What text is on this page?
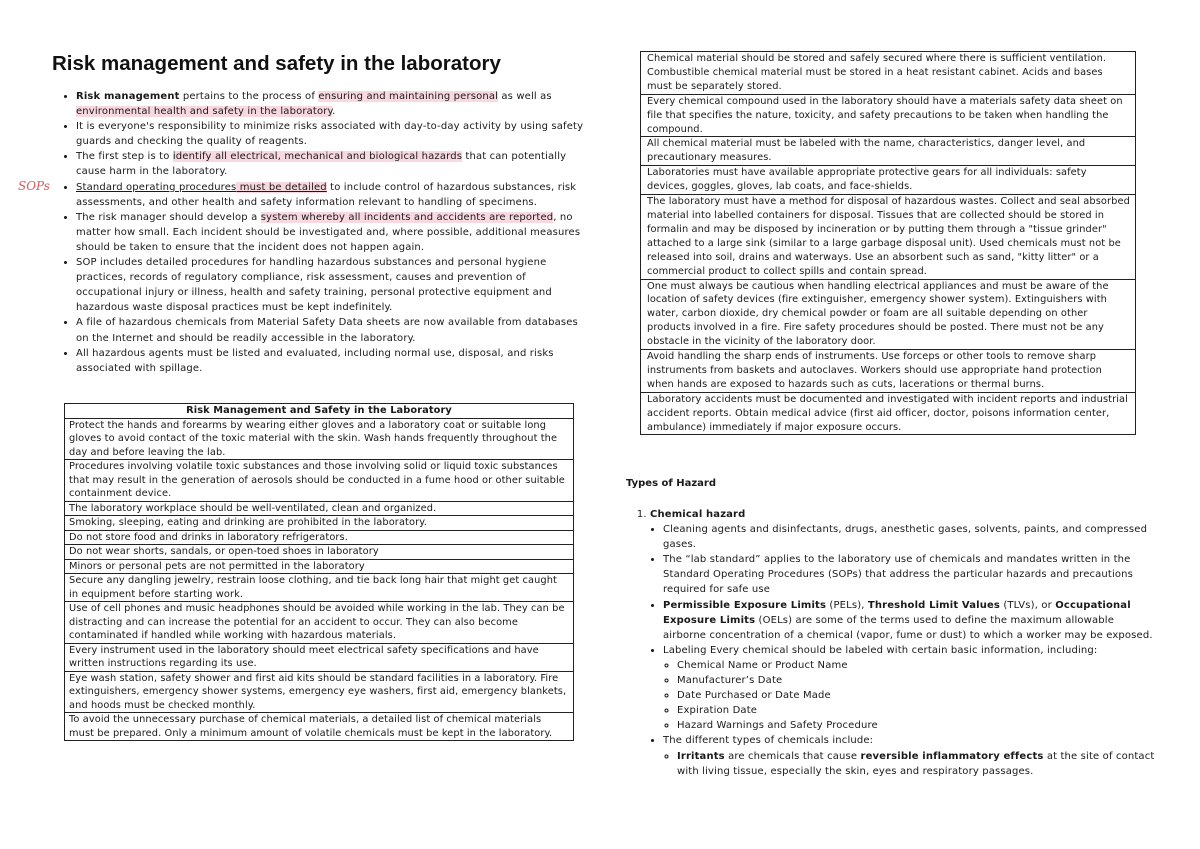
Risk management and safety in the laboratory
SOPs
• Risk management pertains to the process of ensuring and maintaining personal as well as environmental health and safety in the laboratory.
• It is everyone's responsibility to minimize risks associated with day-to-day activity by using safety guards and checking the quality of reagents.
• The first step is to identify all electrical, mechanical and biological hazards that can potentially cause harm in the laboratory.
• Standard operating procedures must be detailed to include control of hazardous substances, risk assessments, and other health and safety information relevant to handling of specimens.
• The risk manager should develop a system whereby all incidents and accidents are reported, no matter how small. Each incident should be investigated and, where possible, additional measures should be taken to ensure that the incident does not happen again.
• SOP includes detailed procedures for handling hazardous substances and personal hygiene practices, records of regulatory compliance, risk assessment, causes and prevention of occupational injury or illness, health and safety training, personal protective equipment and hazardous waste disposal practices must be kept indefinitely.
• A file of hazardous chemicals from Material Safety Data sheets are now available from databases on the Internet and should be readily accessible in the laboratory.
• All hazardous agents must be listed and evaluated, including normal use, disposal, and risks associated with spillage.
Risk Management and Safety in the Laboratory
Protect the hands and forearms by wearing either gloves and a laboratory coat or suitable long gloves to avoid contact of the toxic material with the skin. Wash hands frequently throughout the day and before leaving the lab.
Procedures involving volatile toxic substances and those involving solid or liquid toxic substances that may result in the generation of aerosols should be conducted in a fume hood or other suitable containment device.
The laboratory workplace should be well-ventilated, clean and organized.
Smoking, sleeping, eating and drinking are prohibited in the laboratory.
Do not store food and drinks in laboratory refrigerators.
Do not wear shorts, sandals, or open-toed shoes in laboratory
Minors or personal pets are not permitted in the laboratory
Secure any dangling jewelry, restrain loose clothing, and tie back long hair that might get caught in equipment before starting work.
Use of cell phones and music headphones should be avoided while working in the lab. They can be distracting and can increase the potential for an accident to occur. They can also become contaminated if handled while working with hazardous materials.
Every instrument used in the laboratory should meet electrical safety specifications and have written instructions regarding its use.
Eye wash station, safety shower and first aid kits should be standard facilities in a laboratory. Fire extinguishers, emergency shower systems, emergency eye washers, first aid, emergency blankets, and hoods must be checked monthly.
To avoid the unnecessary purchase of chemical materials, a detailed list of chemical materials must be prepared. Only a minimum amount of volatile chemicals must be kept in the laboratory.
Chemical material should be stored and safely secured where there is sufficient ventilation. Combustible chemical material must be stored in a heat resistant cabinet. Acids and bases must be separately stored.
Every chemical compound used in the laboratory should have a materials safety data sheet on file that specifies the nature, toxicity, and safety precautions to be taken when handling the compound.
All chemical material must be labeled with the name, characteristics, danger level, and precautionary measures.
Laboratories must have available appropriate protective gears for all individuals: safety devices, goggles, gloves, lab coats, and face-shields.
The laboratory must have a method for disposal of hazardous wastes. Collect and seal absorbed material into labelled containers for disposal. Tissues that are collected should be stored in formalin and may be disposed by incineration or by putting them through a "tissue grinder" attached to a large sink (similar to a large garbage disposal unit). Used chemicals must not be released into soil, drains and waterways. Use an absorbent such as sand, "kitty litter" or a commercial product to collect spills and contain spread.
One must always be cautious when handling electrical appliances and must be aware of the location of safety devices (fire extinguisher, emergency shower system). Extinguishers with water, carbon dioxide, dry chemical powder or foam are all suitable depending on other products involved in a fire. Fire safety procedures should be posted. There must not be any obstacle in the vicinity of the laboratory door.
Avoid handling the sharp ends of instruments. Use forceps or other tools to remove sharp instruments from baskets and autoclaves. Workers should use appropriate hand protection when hands are exposed to hazards such as cuts, lacerations or thermal burns.
Laboratory accidents must be documented and investigated with incident reports and industrial accident reports. Obtain medical advice (first aid officer, doctor, poisons information center, ambulance) immediately if major exposure occurs.

Types of Hazard

1. Chemical hazard
• Cleaning agents and disinfectants, drugs, anesthetic gases, solvents, paints, and compressed gases.
• The “lab standard” applies to the laboratory use of chemicals and mandates written in the Standard Operating Procedures (SOPs) that address the particular hazards and precautions required for safe use
• Permissible Exposure Limits (PELs), Threshold Limit Values (TLVs), or Occupational Exposure Limits (OELs) are some of the terms used to define the maximum allowable airborne concentration of a chemical (vapor, fume or dust) to which a worker may be exposed.
• Labeling Every chemical should be labeled with certain basic information, including:
◦ Chemical Name or Product Name
◦ Manufacturer’s Date
◦ Date Purchased or Date Made
◦ Expiration Date
◦ Hazard Warnings and Safety Procedure
• The different types of chemicals include:
◦ Irritants are chemicals that cause reversible inflammatory effects at the site of contact with living tissue, especially the skin, eyes and respiratory passages.
